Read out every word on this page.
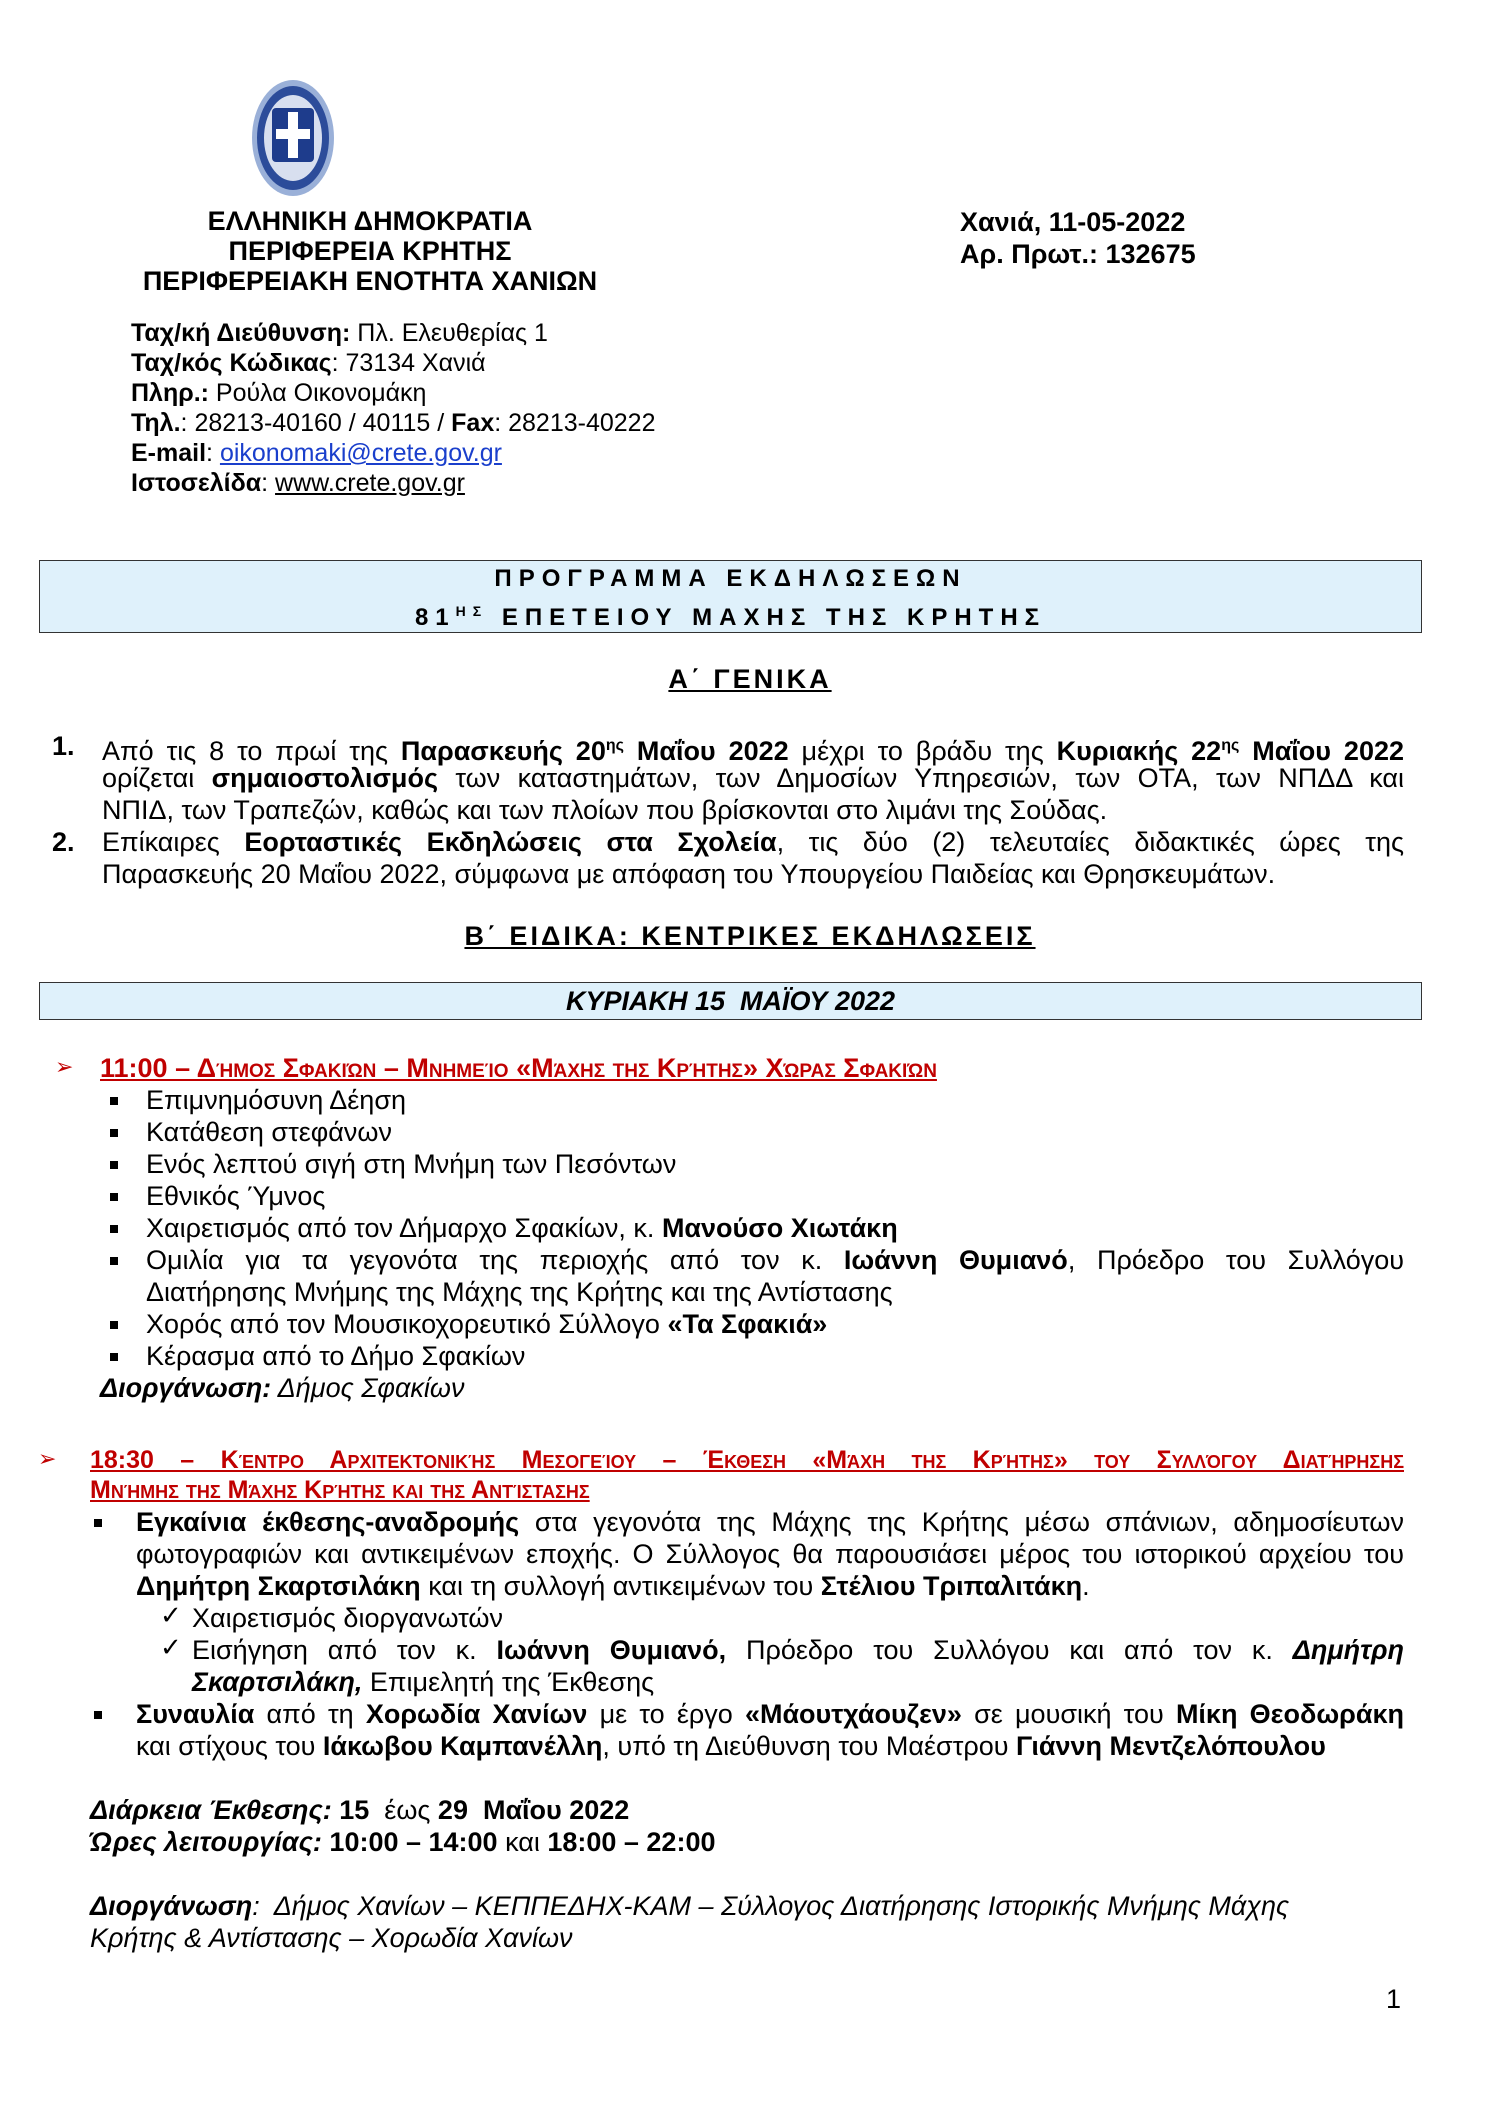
ΕΛΛΗΝΙΚΗ ΔΗΜΟΚΡΑΤΙΑ
ΠΕΡΙΦΕΡΕΙΑ ΚΡΗΤΗΣ
ΠΕΡΙΦΕΡΕΙΑΚΗ ΕΝΟΤΗΤΑ ΧΑΝΙΩΝ
Χανιά, 11-05-2022
Αρ. Πρωτ.: 132675
Ταχ/κή Διεύθυνση: Πλ. Ελευθερίας 1
Ταχ/κός Κώδικας: 73134 Χανιά
Πληρ.: Ρούλα Οικονομάκη
Τηλ.: 28213-40160 / 40115 / Fax: 28213-40222
E-mail: oikonomaki@crete.gov.gr
Ιστοσελίδα: www.crete.gov.gr
ΠΡΟΓΡΑΜΜΑ ΕΚΔΗΛΩΣΕΩΝ
$81^{H\Sigma}$ ΕΠΕΤΕΙΟΥ ΜΑΧΗΣ ΤΗΣ ΚΡΗΤΗΣ
Α΄ ΓΕΝΙΚΑ
1. Από τις 8 το πρωί της Παρασκευής $20^{\eta\varsigma}$ Μαΐου 2022 μέχρι το βράδυ της Κυριακής $22^{\eta\varsigma}$ Μαΐου 2022
ορίζεται σημαιοστολισμός των καταστημάτων, των Δημοσίων Υπηρεσιών, των ΟΤΑ, των ΝΠΔΔ και
ΝΠΙΔ, των Τραπεζών, καθώς και των πλοίων που βρίσκονται στο λιμάνι της Σούδας.
2. Επίκαιρες Εορταστικές Εκδηλώσεις στα Σχολεία, τις δύο (2) τελευταίες διδακτικές ώρες της
Παρασκευής 20 Μαΐου 2022, σύμφωνα με απόφαση του Υπουργείου Παιδείας και Θρησκευμάτων.
Β΄ ΕΙΔΙΚΑ: ΚΕΝΤΡΙΚΕΣ ΕΚΔΗΛΩΣΕΙΣ
ΚΥΡΙΑΚΗ 15  ΜΑΪΟΥ 2022
➢ 11:00 – Δήμος Σφακιών – Μνημείο «Μάχης της Κρήτης» Χώρας Σφακιών
Επιμνημόσυνη Δέηση
Κατάθεση στεφάνων
Ενός λεπτού σιγή στη Μνήμη των Πεσόντων
Εθνικός Ύμνος
Χαιρετισμός από τον Δήμαρχο Σφακίων, κ. Μανούσο Χιωτάκη
Ομιλία για τα γεγονότα της περιοχής από τον κ. Ιωάννη Θυμιανό, Πρόεδρο του Συλλόγου
Διατήρησης Μνήμης της Μάχης της Κρήτης και της Αντίστασης
Χορός από τον Μουσικοχορευτικό Σύλλογο «Τα Σφακιά»
Κέρασμα από το Δήμο Σφακίων
Διοργάνωση: Δήμος Σφακίων
➢ 18:30 – Κέντρο Αρχιτεκτονικής Μεσογείου – Έκθεση «Μάχη της Κρήτης» του Συλλόγου Διατήρησης
Μνήμης της Μάχης Κρήτης και της Αντίστασης
Εγκαίνια έκθεσης-αναδρομής στα γεγονότα της Μάχης της Κρήτης μέσω σπάνιων, αδημοσίευτων
φωτογραφιών και αντικειμένων εποχής. Ο Σύλλογος θα παρουσιάσει μέρος του ιστορικού αρχείου του
Δημήτρη Σκαρτσιλάκη και τη συλλογή αντικειμένων του Στέλιου Τριπαλιτάκη.
✓ Χαιρετισμός διοργανωτών
✓ Εισήγηση από τον κ. Ιωάννη Θυμιανό, Πρόεδρο του Συλλόγου και από τον κ. Δημήτρη
Σκαρτσιλάκη, Επιμελητή της Έκθεσης
Συναυλία από τη Χορωδία Χανίων με το έργο «Μάουτχάουζεν» σε μουσική του Μίκη Θεοδωράκη
και στίχους του Ιάκωβου Καμπανέλλη, υπό τη Διεύθυνση του Μαέστρου Γιάννη Μεντζελόπουλου
Διάρκεια Έκθεσης: 15  έως 29  Μαΐου 2022
Ώρες λειτουργίας: 10:00 – 14:00 και 18:00 – 22:00
Διοργάνωση:  Δήμος Χανίων – ΚΕΠΠΕΔΗΧ-ΚΑΜ – Σύλλογος Διατήρησης Ιστορικής Μνήμης Μάχης
Κρήτης & Αντίστασης – Χορωδία Χανίων
1
